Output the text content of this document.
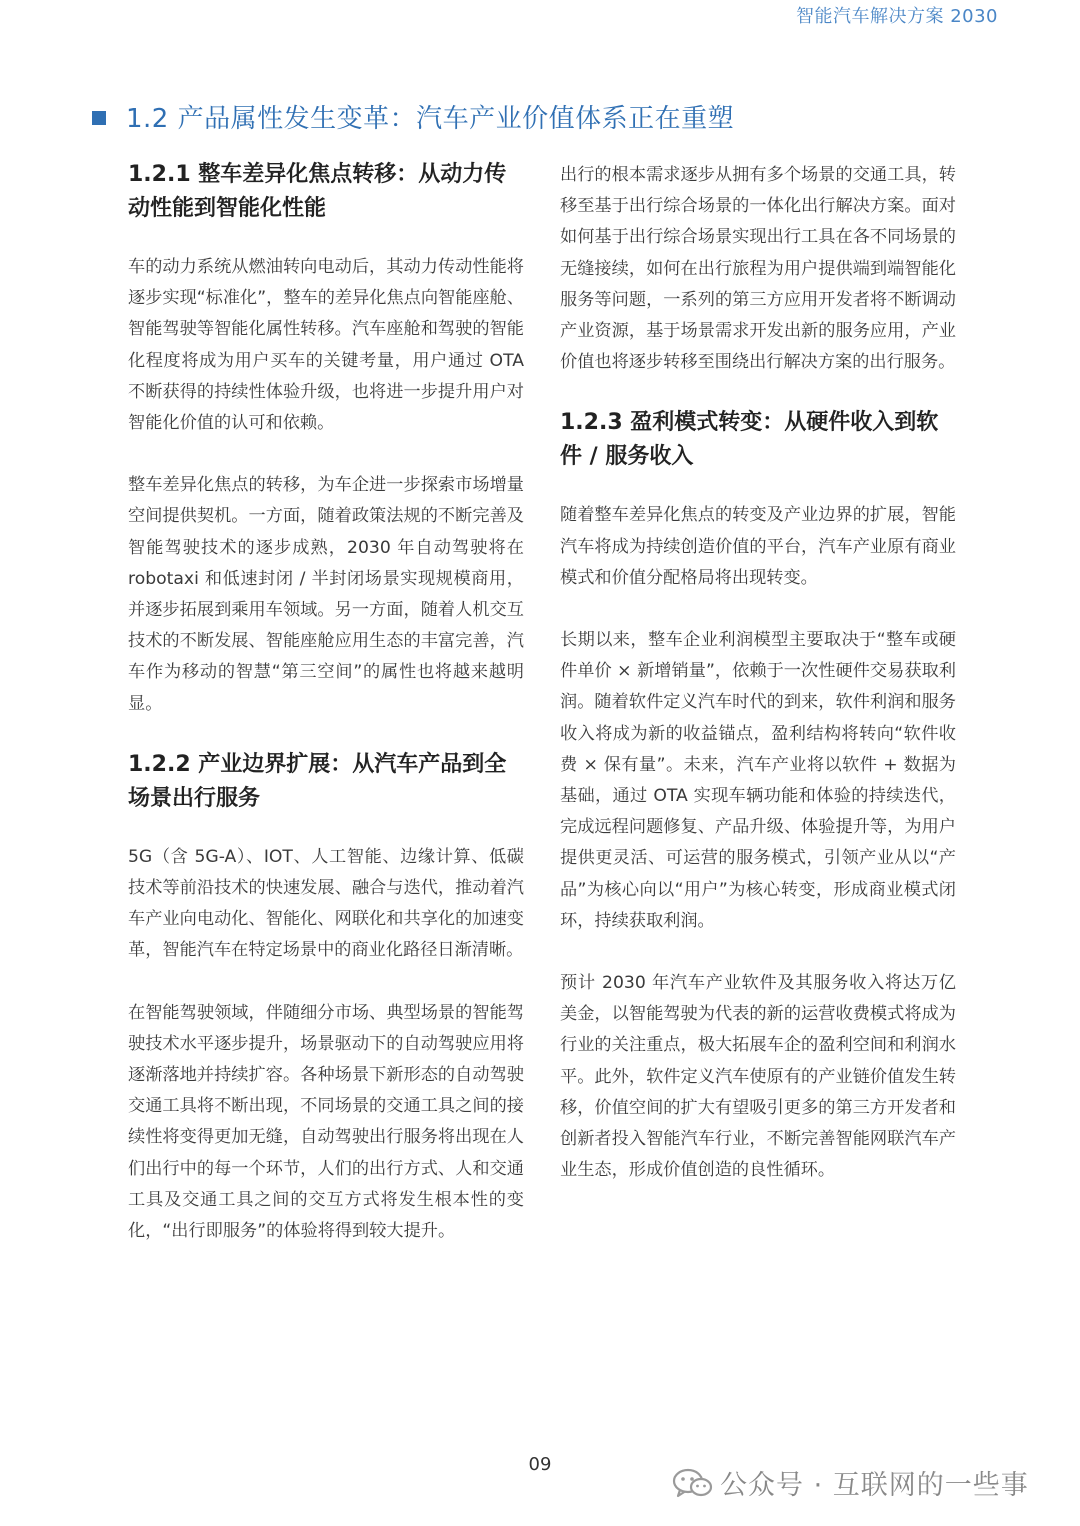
智能汽车解决方案 2030
1.2 产品属性发生变革：汽车产业价值体系正在重塑
1.2.1 整车差异化焦点转移：从动力传动性能到智能化性能

车的动力系统从燃油转向电动后，其动力传动性能将逐步实现“标准化”，整车的差异化焦点向智能座舱、智能驾驶等智能化属性转移。汽车座舱和驾驶的智能化程度将成为用户买车的关键考量，用户通过 OTA 不断获得的持续性体验升级，也将进一步提升用户对智能化价值的认可和依赖。

整车差异化焦点的转移，为车企进一步探索市场增量空间提供契机。一方面，随着政策法规的不断完善及智能驾驶技术的逐步成熟，2030 年自动驾驶将在 robotaxi 和低速封闭 / 半封闭场景实现规模商用，并逐步拓展到乘用车领域。另一方面，随着人机交互技术的不断发展、智能座舱应用生态的丰富完善，汽车作为移动的智慧“第三空间”的属性也将越来越明显。

1.2.2 产业边界扩展：从汽车产品到全场景出行服务

5G（含 5G-A）、IOT、人工智能、边缘计算、低碳技术等前沿技术的快速发展、融合与迭代，推动着汽车产业向电动化、智能化、网联化和共享化的加速变革，智能汽车在特定场景中的商业化路径日渐清晰。

在智能驾驶领域，伴随细分市场、典型场景的智能驾驶技术水平逐步提升，场景驱动下的自动驾驶应用将逐渐落地并持续扩容。各种场景下新形态的自动驾驶交通工具将不断出现，不同场景的交通工具之间的接续性将变得更加无缝，自动驾驶出行服务将出现在人们出行中的每一个环节，人们的出行方式、人和交通工具及交通工具之间的交互方式将发生根本性的变化，“出行即服务”的体验将得到较大提升。

出行的根本需求逐步从拥有多个场景的交通工具，转移至基于出行综合场景的一体化出行解决方案。面对如何基于出行综合场景实现出行工具在各不同场景的无缝接续，如何在出行旅程为用户提供端到端智能化服务等问题，一系列的第三方应用开发者将不断调动产业资源，基于场景需求开发出新的服务应用，产业价值也将逐步转移至围绕出行解决方案的出行服务。

1.2.3 盈利模式转变：从硬件收入到软件 / 服务收入

随着整车差异化焦点的转变及产业边界的扩展，智能汽车将成为持续创造价值的平台，汽车产业原有商业模式和价值分配格局将出现转变。

长期以来，整车企业利润模型主要取决于“整车或硬件单价 × 新增销量”，依赖于一次性硬件交易获取利润。随着软件定义汽车时代的到来，软件利润和服务收入将成为新的收益锚点，盈利结构将转向“软件收费 × 保有量”。未来，汽车产业将以软件 + 数据为基础，通过 OTA 实现车辆功能和体验的持续迭代，完成远程问题修复、产品升级、体验提升等，为用户提供更灵活、可运营的服务模式，引领产业从以“产品”为核心向以“用户”为核心转变，形成商业模式闭环，持续获取利润。

预计 2030 年汽车产业软件及其服务收入将达万亿美金，以智能驾驶为代表的新的运营收费模式将成为行业的关注重点，极大拓展车企的盈利空间和利润水平。此外，软件定义汽车使原有的产业链价值发生转移，价值空间的扩大有望吸引更多的第三方开发者和创新者投入智能汽车行业，不断完善智能网联汽车产业生态，形成价值创造的良性循环。

09
公众号 · 互联网的一些事
